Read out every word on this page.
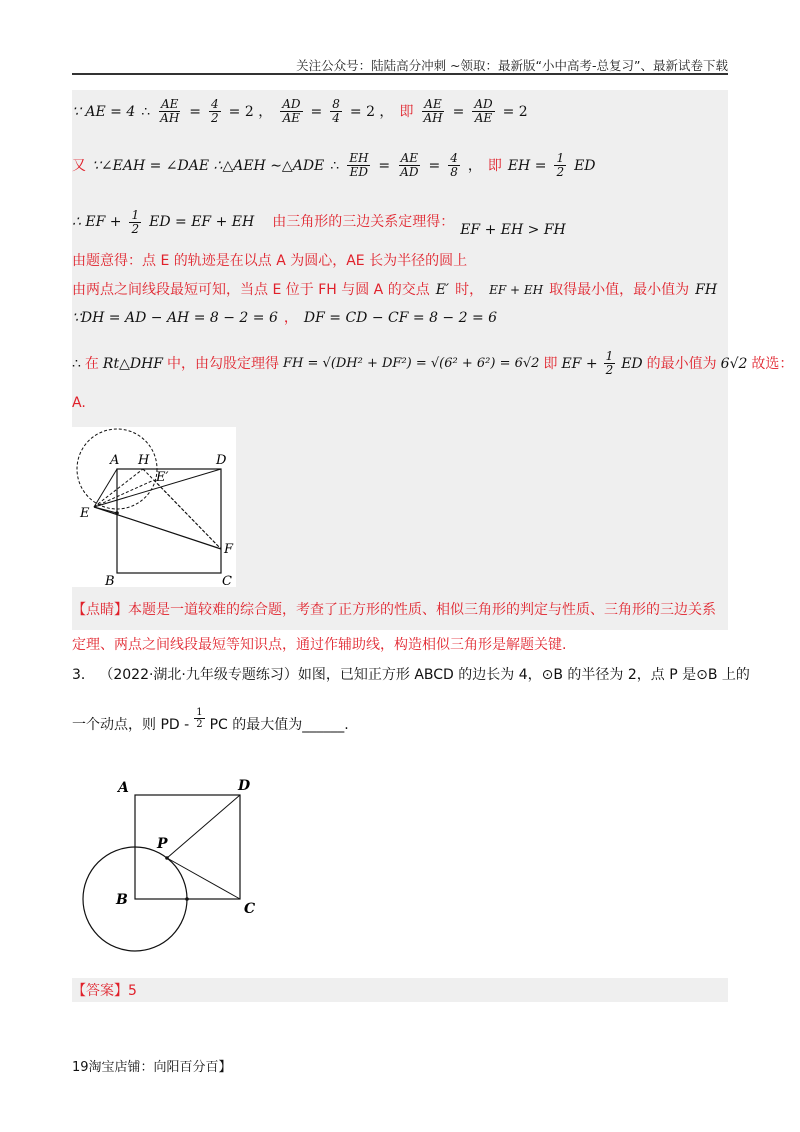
关注公众号：陆陆高分冲刺 ~领取：最新版“小中高考-总复习”、最新试卷下载
∵ AE = 4 ∴ $\frac{AE}{AH} = \frac{4}{2} = 2$ ， $\frac{AD}{AE} = \frac{8}{4} = 2$ ， 即 $\frac{AE}{AH} = \frac{AD}{AE} = 2$
又 ∵∠EAH = ∠DAE ∴△AEH ∼△ADE ∴ $\frac{EH}{ED} = \frac{AE}{AD} = \frac{4}{8}$ ， 即 EH = $\frac{1}{2}$ ED
∴ EF + $\frac{1}{2}$ ED = EF + EH 由三角形的三边关系定理得： EF + EH > FH
由题意得：点 E 的轨迹是在以点 A 为圆心，AE 长为半径的圆上
由两点之间线段最短可知，当点 E 位于 FH 与圆 A 的交点 E′ 时， EF + EH 取得最小值，最小值为 FH
∵DH = AD − AH = 8 − 2 = 6 ， DF = CD − CF = 8 − 2 = 6
∴ 在 Rt△DHF 中，由勾股定理得 FH = √(DH² + DF²) = √(6² + 6²) = 6√2 即 EF + $\frac{1}{2}$ ED 的最小值为 6√2 故选：
A.
A H	D
E′
E
F
B	C
【点睛】本题是一道较难的综合题，考查了正方形的性质、相似三角形的判定与性质、三角形的三边关系
定理、两点之间线段最短等知识点，通过作辅助线，构造相似三角形是解题关键.
3． （2022·湖北·九年级专题练习）如图，已知正方形 ABCD 的边长为 4，⊙B 的半径为 2，点 P 是⊙B 上的
一个动点，则 PD - $\frac{1}{2}$ PC 的最大值为______.
A	D
P
B
C
【答案】5
19淘宝店铺：向阳百分百】
